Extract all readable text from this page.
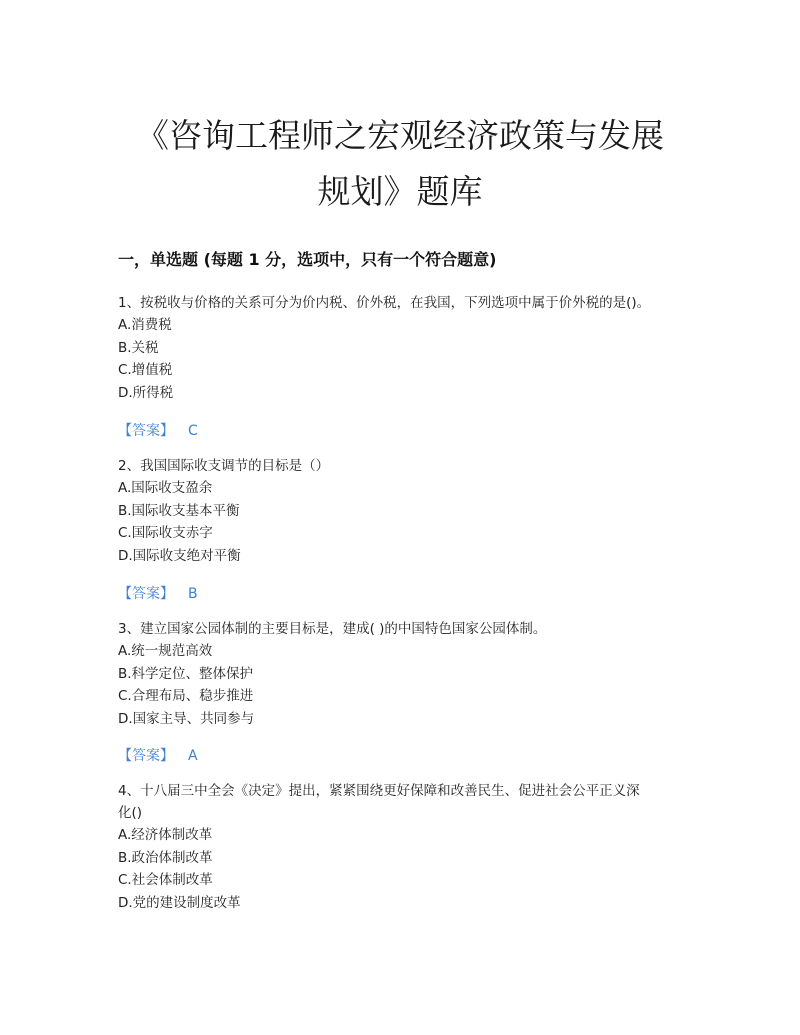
《咨询工程师之宏观经济政策与发展
规划》题库
一，单选题 (每题 1 分，选项中，只有一个符合题意)
1、按税收与价格的关系可分为价内税、价外税，在我国，下列选项中属于价外税的是()。
A.消费税
B.关税
C.增值税
D.所得税
【答案】 C
2、我国国际收支调节的目标是（）
A.国际收支盈余
B.国际收支基本平衡
C.国际收支赤字
D.国际收支绝对平衡
【答案】 B
3、建立国家公园体制的主要目标是，建成( )的中国特色国家公园体制。
A.统一规范高效
B.科学定位、整体保护
C.合理布局、稳步推进
D.国家主导、共同参与
【答案】 A
4、十八届三中全会《决定》提出，紧紧围绕更好保障和改善民生、促进社会公平正义深
化()
A.经济体制改革
B.政治体制改革
C.社会体制改革
D.党的建设制度改革
